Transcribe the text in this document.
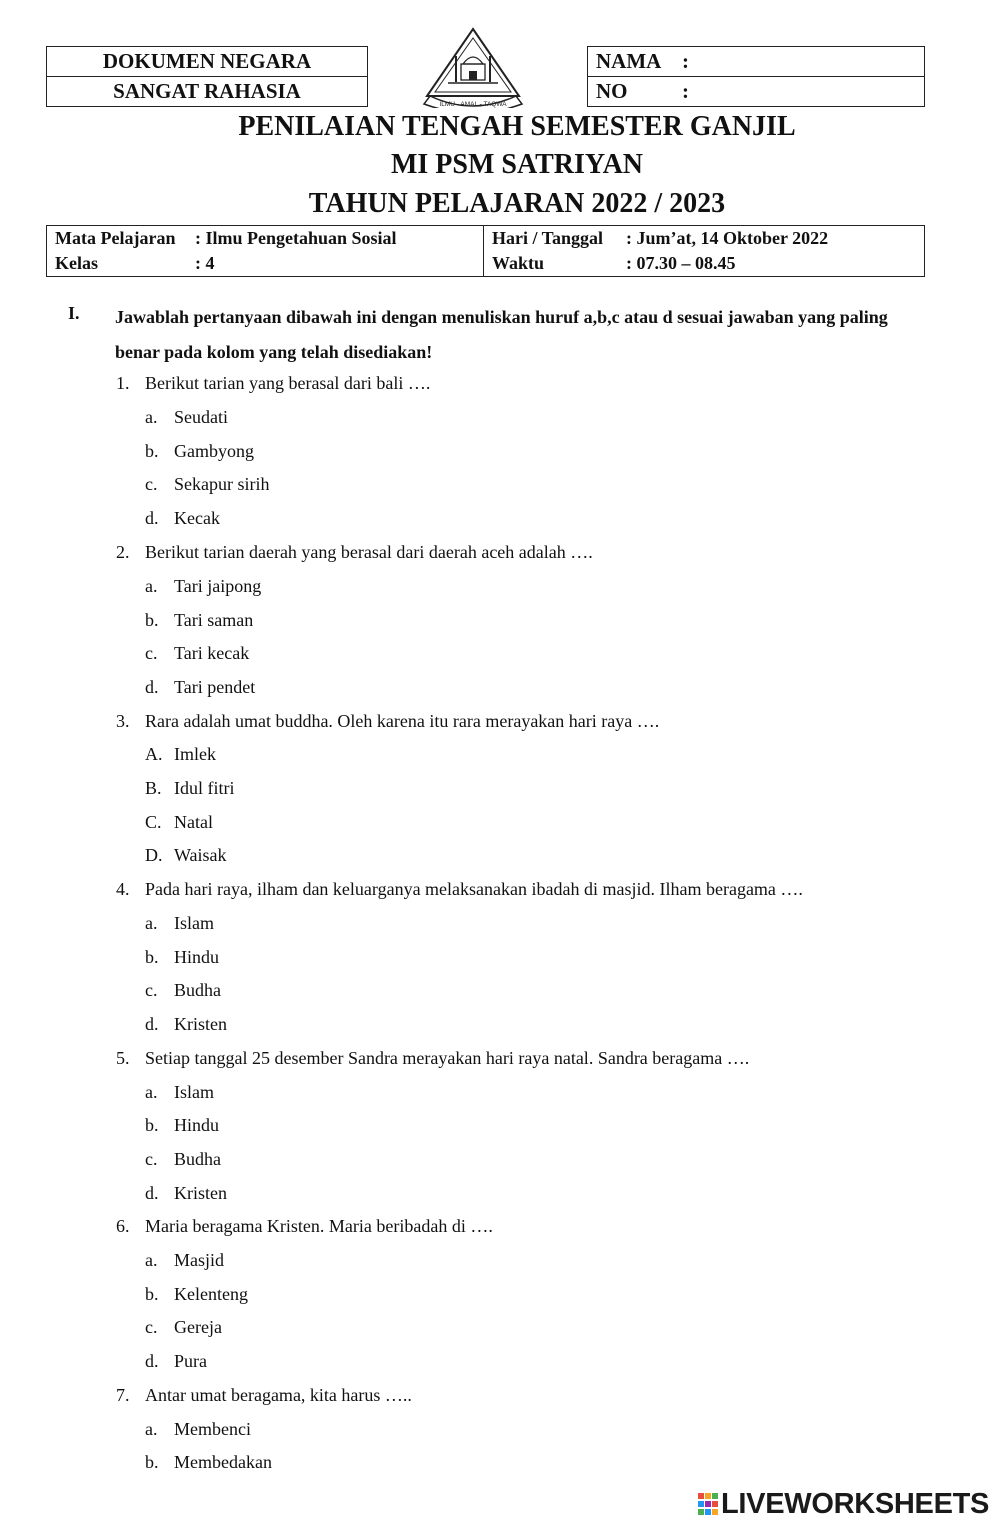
DOKUMEN NEGARA
SANGAT RAHASIA
ILMU - AMAL - TAQWA
NAMA :
NO	:
PENILAIAN TENGAH SEMESTER GANJIL
MI PSM SATRIYAN
TAHUN PELAJARAN 2022 / 2023
Mata Pelajaran : Ilmu Pengetahuan Sosial
Kelas	: 4

Hari / Tanggal : Jum’at, 14 Oktober 2022
Waktu	: 07.30 – 08.45
I. Jawablah pertanyaan dibawah ini dengan menuliskan huruf a,b,c atau d sesuai jawaban yang paling benar pada kolom yang telah disediakan!
1. Berikut tarian yang berasal dari bali ….
a. Seudati
b. Gambyong
c. Sekapur sirih
d. Kecak
2. Berikut tarian daerah yang berasal dari daerah aceh adalah ….
a. Tari jaipong
b. Tari saman
c. Tari kecak
d. Tari pendet
3. Rara adalah umat buddha. Oleh karena itu rara merayakan hari raya ….
A. Imlek
B. Idul fitri
C. Natal
D. Waisak
4. Pada hari raya, ilham dan keluarganya melaksanakan ibadah di masjid. Ilham beragama ….
a. Islam
b. Hindu
c. Budha
d. Kristen
5. Setiap tanggal 25 desember Sandra merayakan hari raya natal. Sandra beragama ….
a. Islam
b. Hindu
c. Budha
d. Kristen
6. Maria beragama Kristen. Maria beribadah di ….
a. Masjid
b. Kelenteng
c. Gereja
d. Pura
7. Antar umat beragama, kita harus …..
a. Membenci
b. Membedakan
LIVEWORKSHEETS
